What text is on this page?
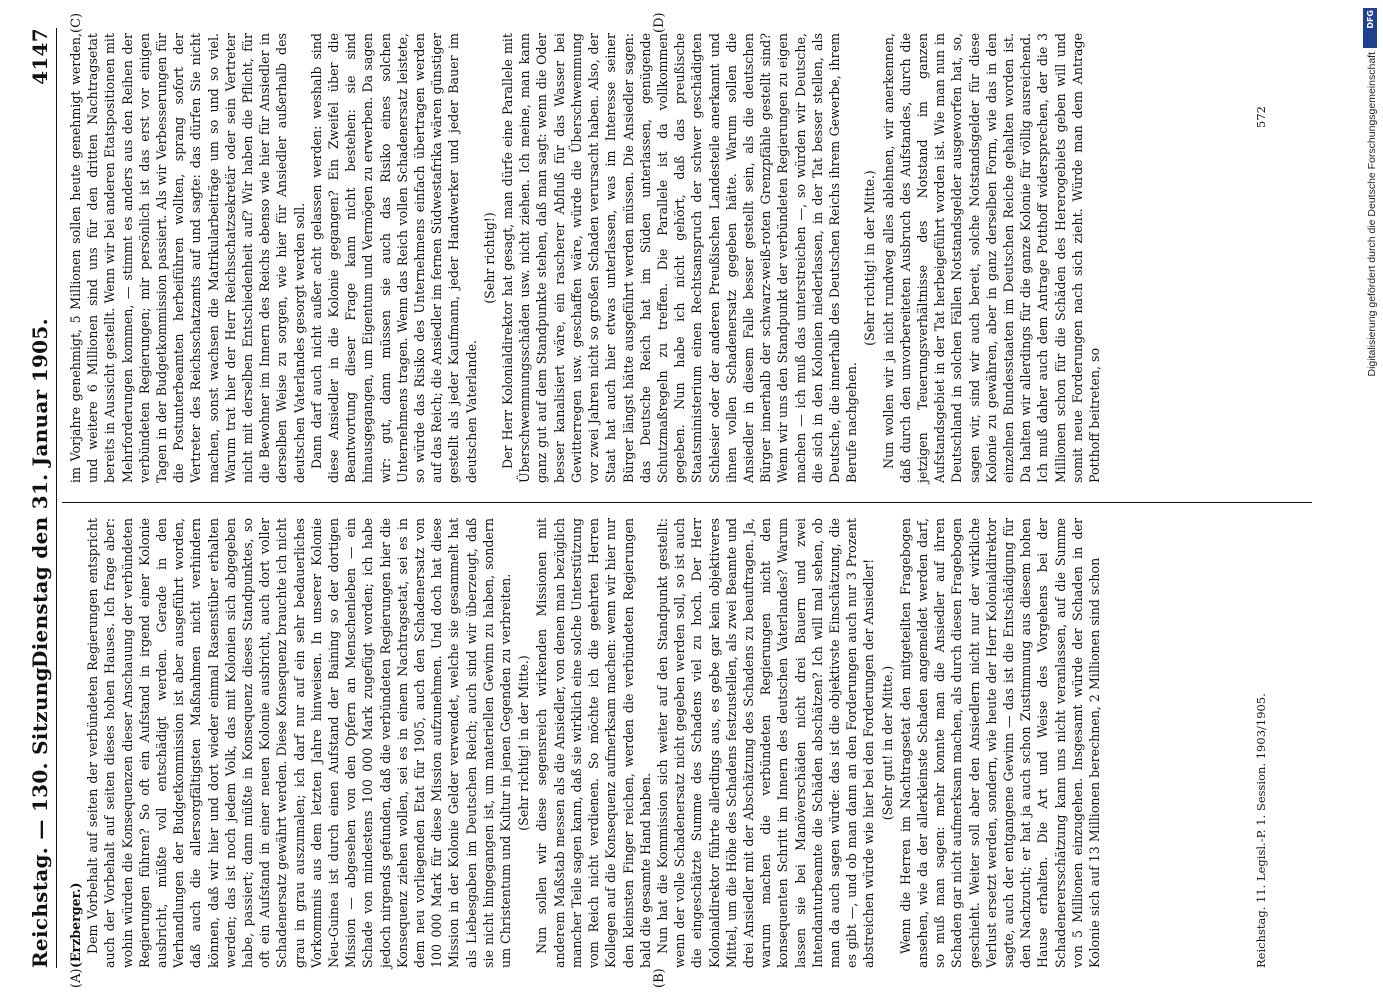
Reichstag. — 130. Sitzung.
Dienstag den 31. Januar 1905.
4147
(A)	(B)
(C)	(D)

(Erzberger.) Dem Vorbehalt auf seiten der verbündeten Regierungen entspricht auch der Vorbehalt auf seiten dieses hohen Hauses. Ich frage aber: wohin würden die Konsequenzen dieser Anschauung der verbündeten Regierungen führen? So oft ein Aufstand in irgend einer Kolonie ausbricht, müßte voll entschädigt werden. Gerade in den Verhandlungen der Budgetkommission ist aber ausgeführt worden, daß auch die allersorgfältigsten Maßnahmen nicht verhindern können, daß wir hier und dort wieder einmal Rasenstüber erhalten werden; das ist noch jedem Volk, das mit Kolonien sich abgegeben habe, passiert; dann müßte in Konsequenz dieses Standpunktes, so oft ein Aufstand in einer neuen Kolonie ausbricht, auch dort voller Schadenersatz gewährt werden. Diese Konsequenz brauchte ich nicht grau in grau auszumalen; ich darf nur auf ein sehr bedauerliches Vorkommnis aus dem letzten Jahre hinweisen. In unserer Kolonie Neu-Guinea ist durch einen Aufstand der Baining so der dortigen Mission — abgesehen von den Opfern an Menschenleben — ein Schade von mindestens 100 000 Mark zugefügt worden; ich habe jedoch nirgends gefunden, daß die verbündeten Regierungen hier die Konsequenz ziehen wollen, sei es in einem Nachtragsetat, sei es in dem neu vorliegenden Etat für 1905, auch den Schadenersatz von 100 000 Mark für diese Mission aufzunehmen. Und doch hat diese Mission in der Kolonie Gelder verwendet, welche sie gesammelt hat als Liebesgaben im Deutschen Reich; auch sind wir überzeugt, daß sie nicht hingegangen ist, um materiellen Gewinn zu haben, sondern um Christentum und Kultur in jenen Gegenden zu verbreiten. (Sehr richtig! in der Mitte.) Nun sollen wir diese segensreich wirkenden Missionen mit anderem Maßstab messen als die Ansiedler, von denen man bezüglich mancher Teile sagen kann, daß sie wirklich eine solche Unterstützung vom Reich nicht verdienen. So möchte ich die geehrten Herren Kollegen auf die Konsequenz aufmerksam machen: wenn wir hier nur den kleinsten Finger reichen, werden die verbündeten Regierungen bald die gesamte Hand haben. Nun hat die Kommission sich weiter auf den Standpunkt gestellt: wenn der volle Schadenersatz nicht gegeben werden soll, so ist auch die eingeschätzte Summe des Schadens viel zu hoch. Der Herr Kolonialdirektor führte allerdings aus, es gebe gar kein objektiveres Mittel, um die Höhe des Schadens festzustellen, als zwei Beamte und drei Ansiedler mit der Abschätzung des Schadens zu beauftragen. Ja, warum machen die verbündeten Regierungen nicht den konsequenten Schritt im Innern des deutschen Vaterlandes? Warum lassen sie bei Manöverschäden nicht drei Bauern und zwei Intendanturbeamte die Schäden abschätzen? Ich will mal sehen, ob man da auch sagen würde: das ist die objektivste Einschätzung, die es gibt —, und ob man dann an den Forderungen auch nur 3 Prozent abstreichen würde wie hier bei den Forderungen der Ansiedler! (Sehr gut! in der Mitte.) Wenn die Herren im Nachtragsetat den mitgeteilten Fragebogen ansehen, wie da der allerkleinste Schaden angemeldet werden darf, so muß man sagen: mehr konnte man die Ansiedler auf ihren Schaden gar nicht aufmerksam machen, als durch diesen Fragebogen geschieht. Weiter soll aber den Ansiedlern nicht nur der wirkliche Verlust ersetzt werden, sondern, wie heute der Herr Kolonialdirektor sagte, auch der entgangene Gewinn — das ist die Entschädigung für den Nachzucht; er hat ja auch schon Zustimmung aus diesem hohen Hause erhalten. Die Art und Weise des Vorgehens bei der Schadenerersschätzung kann uns nicht veranlassen, auf die Summe von 5 Millionen einzugehen. Insgesamt würde der Schaden in der Kolonie sich auf 13 Millionen berechnen, 2 Millionen sind schon

im Vorjahre genehmigt, 5 Millionen sollen heute genehmigt werden, und weitere 6 Millionen sind uns für den dritten Nachtragsetat bereits in Aussicht gestellt. Wenn wir bei anderen Etatspositionen mit Mehrforderungen kommen, — stimmt es anders aus den Reihen der verbündeten Regierungen; mir persönlich ist das erst vor einigen Tagen in der Budgetkommission passiert. Als wir Verbesserungen für die Postunterbeamten herbeiführen wollten, sprang sofort der Vertreter des Reichsschatzamts auf und sagte: das dürfen Sie nicht machen, sonst wachsen die Matrikularbeiträge um so und so viel. Warum trat hier der Herr Reichsschatzsekretär oder sein Vertreter nicht mit derselben Entschiedenheit auf? Wir haben die Pflicht, für die Bewohner im Innern des Reichs ebenso wie hier für Ansiedler in derselben Weise zu sorgen, wie hier für Ansiedler außerhalb des deutschen Vaterlandes gesorgt werden soll. Dann darf auch nicht außer acht gelassen werden: weshalb sind diese Ansiedler in die Kolonie gegangen? Ein Zweifel über die Beantwortung dieser Frage kann nicht bestehen: sie sind hinausgegangen, um Eigentum und Vermögen zu erwerben. Da sagen wir: gut, dann müssen sie auch das Risiko eines solchen Unternehmens tragen. Wenn das Reich vollen Schadenersatz leistete, so würde das Risiko des Unternehmens einfach übertragen werden auf das Reich; die Ansiedler im fernen Südwestafrika wären günstiger gestellt als jeder Kaufmann, jeder Handwerker und jeder Bauer im deutschen Vaterlande.

(Sehr richtig!) Der Herr Kolonialdirektor hat gesagt, man dürfe eine Parallele mit Überschwemmungsschäden usw. nicht ziehen. Ich meine, man kann ganz gut auf dem Standpunkte stehen, daß man sagt: wenn die Oder besser kanalisiert wäre, ein rascherer Abfluß für das Wasser bei Gewitterregen usw. geschaffen wäre, würde die Überschwemmung vor zwei Jahren nicht so großen Schaden verursacht haben. Also, der Staat hat auch hier etwas unterlassen, was im Interesse seiner Bürger längst hätte ausgeführt werden müssen. Die Ansiedler sagen: das Deutsche Reich hat im Süden unterlassen, genügende Schutzmaßregeln zu treffen. Die Parallele ist da vollkommen gegeben. Nun habe ich nicht gehört, daß das preußische Staatsministerium einen Rechtsanspruch der schwer geschädigten Schlesier oder der anderen Preußischen Landesteile anerkannt und ihnen vollen Schadenersatz gegeben hätte. Warum sollen die Ansiedler in diesem Falle besser gestellt sein, als die deutschen Bürger innerhalb der schwarz-weiß-roten Grenzpfähle gestellt sind? Wenn wir uns den Standpunkt der verbündeten Regierungen zu eigen machen — ich muß das unterstreichen —, so würden wir Deutsche, die sich in den Kolonien niederlassen, in der Tat besser stellen, als Deutsche, die innerhalb des Deutschen Reichs ihrem Gewerbe, ihrem Berufe nachgehen.

(Sehr richtig! in der Mitte.) Nun wollen wir ja nicht rundweg alles ablehnen, wir anerkennen, daß durch den unvorbereiteten Ausbruch des Aufstandes, durch die jetzigen Teuerungsverhältnisse des Notstand im ganzen Aufstandsgebiet in der Tat herbeigeführt worden ist. Wie man nun in Deutschland in solchen Fällen Notstandsgelder ausgeworfen hat, so, sagen wir, sind wir auch bereit, solche Notstandsgelder für diese Kolonie zu gewähren, aber in ganz derselben Form, wie das in den einzelnen Bundesstaaten im Deutschen Reiche gehalten worden ist. Da halten wir allerdings für die ganze Kolonie für völlig ausreichend. Ich muß daher auch dem Antrage Potthoff widersprechen, der die 3 Millionen schon für die Schäden des Hererogebiets geben will und somit neue Forderungen nach sich zieht. Würde man dem Antrage Potthoff beitreten, so

Reichstag. 11. Legisl.-P. 1. Session. 1903/1905.
572
DFG
Digitalisierung gefördert durch die Deutsche Forschungsgemeinschaft
